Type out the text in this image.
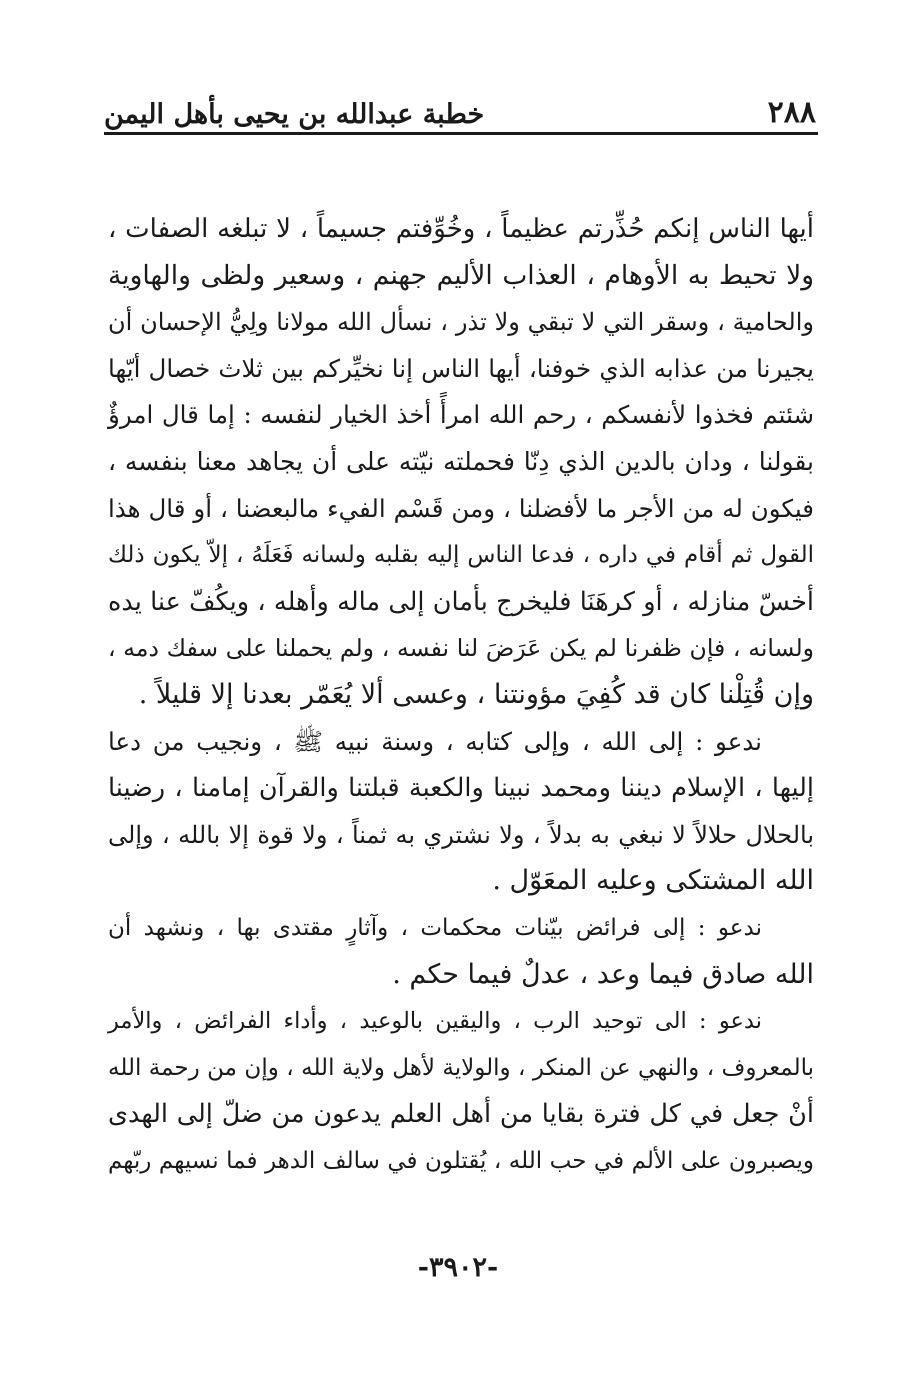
٢٨٨
خطبة عبدالله بن يحيى بأهل اليمن

أيها الناس إنكم حُذِّرتم عظيماً ، وخُوِّفتم جسيماً ، لا تبلغه الصفات ،
ولا تحيط به الأوهام ، العذاب الأليم جهنم ، وسعير ولظى والهاوية
والحامية ، وسقر التي لا تبقي ولا تذر ، نسأل الله مولانا ولِيُّ الإحسان أن
يجيرنا من عذابه الذي خوفنا، أيها الناس إنا نخيِّركم بين ثلاث خصال أيّها
شئتم فخذوا لأنفسكم ، رحم الله امرأً أخذ الخيار لنفسه : إما قال امرؤٌ
بقولنا ، ودان بالدين الذي دِنّا فحملته نيّته على أن يجاهد معنا بنفسه ،
فيكون له من الأجر ما لأفضلنا ، ومن قَسْم الفيء مالبعضنا ، أو قال هذا
القول ثم أقام في داره ، فدعا الناس إليه بقلبه ولسانه فَعَلَهُ ، إلاّ يكون ذلك
أخسّ منازله ، أو كرهَنَا فليخرج بأمان إلى ماله وأهله ، ويكُفّ عنا يده
ولسانه ، فإن ظفرنا لم يكن عَرَضَ لنا نفسه ، ولم يحملنا على سفك دمه ،
وإن قُتِلْنا كان قد كُفِيَ مؤونتنا ، وعسى ألا يُعَمّر بعدنا إلا قليلاً .

ندعو : إلى الله ، وإلى كتابه ، وسنة نبيه ﷺ ، ونجيب من دعا
إليها ، الإسلام ديننا ومحمد نبينا والكعبة قبلتنا والقرآن إمامنا ، رضينا
بالحلال حلالاً لا نبغي به بدلاً ، ولا نشتري به ثمناً ، ولا قوة إلا بالله ، وإلى
الله المشتكى وعليه المعَوّل .

ندعو : إلى فرائض بيّنات محكمات ، وآثارٍ مقتدى بها ، ونشهد أن
الله صادق فيما وعد ، عدلٌ فيما حكم .

ندعو : الى توحيد الرب ، واليقين بالوعيد ، وأداء الفرائض ، والأمر
بالمعروف ، والنهي عن المنكر ، والولاية لأهل ولاية الله ، وإن من رحمة الله
أنْ جعل في كل فترة بقايا من أهل العلم يدعون من ضلّ إلى الهدى
ويصبرون على الألم في حب الله ، يُقتلون في سالف الدهر فما نسيهم ربّهم

-٣٩٠٢-
